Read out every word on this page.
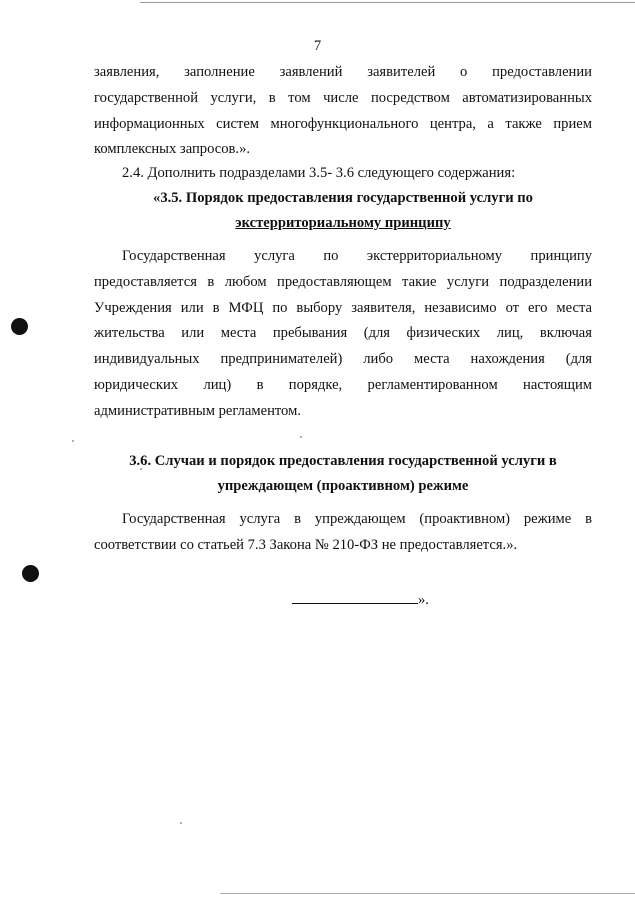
7

заявления, заполнение заявлений заявителей о предоставлении государственной услуги, в том числе посредством автоматизированных информационных систем многофункционального центра, а также прием комплексных запросов.».

2.4. Дополнить подразделами 3.5- 3.6 следующего содержания:

«3.5. Порядок предоставления государственной услуги по

экстерриториальному принципу

Государственная услуга по экстерриториальному принципу предоставляется в любом предоставляющем такие услуги подразделении Учреждения или в МФЦ по выбору заявителя, независимо от его места жительства или места пребывания (для физических лиц, включая индивидуальных предпринимателей) либо места нахождения (для юридических лиц) в порядке, регламентированном настоящим административным регламентом.

3.6. Случаи и порядок предоставления государственной услуги в

упреждающем (проактивном) режиме

Государственная услуга в упреждающем (проактивном) режиме в соответствии со статьей 7.3 Закона № 210-ФЗ не предоставляется.».

».
